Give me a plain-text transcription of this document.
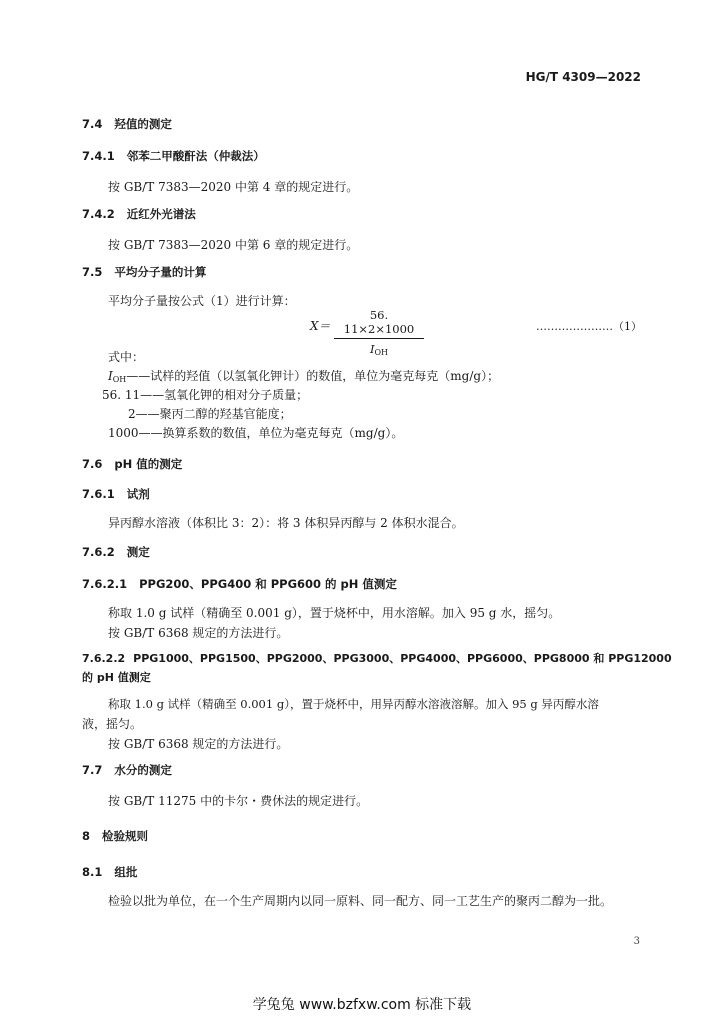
HG/T 4309—2022
7.4 羟值的测定
7.4.1 邻苯二甲酸酐法（仲裁法）
按 GB/T 7383—2020 中第 4 章的规定进行。
7.4.2 近红外光谱法
按 GB/T 7383—2020 中第 6 章的规定进行。
7.5 平均分子量的计算
平均分子量按公式（1）进行计算：
X＝
56. 11×2×1000
$I_{OH}$
…………………（1）
式中：
$I_{OH}——$试样的羟值（以氢氧化钾计）的数值，单位为毫克每克（mg/g）；
56. 11——氢氧化钾的相对分子质量；
2——聚丙二醇的羟基官能度；
1000——换算系数的数值，单位为毫克每克（mg/g）。
7.6 pH 值的测定
7.6.1 试剂
异丙醇水溶液（体积比 3：2）：将 3 体积异丙醇与 2 体积水混合。
7.6.2 测定
7.6.2.1 PPG200、PPG400 和 PPG600 的 pH 值测定
称取 1.0 g 试样（精确至 0.001 g），置于烧杯中，用水溶解。加入 95 g 水，摇匀。
按 GB/T 6368 规定的方法进行。
7.6.2.2 PPG1000、PPG1500、PPG2000、PPG3000、PPG4000、PPG6000、PPG8000 和 PPG12000
的 pH 值测定
称取 1.0 g 试样（精确至 0.001 g），置于烧杯中，用异丙醇水溶液溶解。加入 95 g 异丙醇水溶
液，摇匀。
按 GB/T 6368 规定的方法进行。
7.7 水分的测定
按 GB/T 11275 中的卡尔・费休法的规定进行。
8 检验规则
8.1 组批
检验以批为单位，在一个生产周期内以同一原料、同一配方、同一工艺生产的聚丙二醇为一批。
3
学兔兔 www.bzfxw.com 标准下载
